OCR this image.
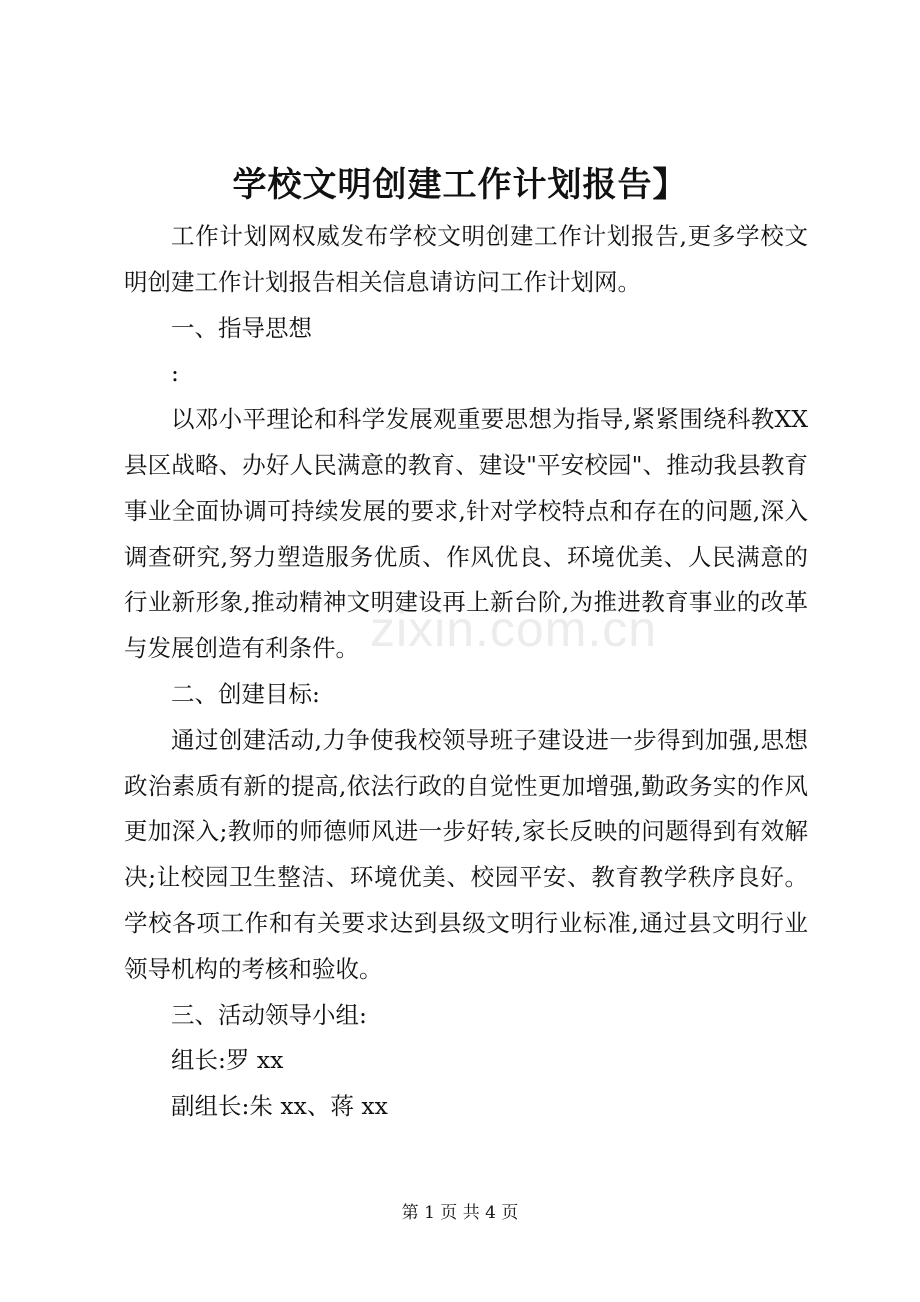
学校文明创建工作计划报告】

工作计划网权威发布学校文明创建工作计划报告,更多学校文明创建工作计划报告相关信息请访问工作计划网。

一、指导思想

:

以邓小平理论和科学发展观重要思想为指导,紧紧围绕科教XX县区战略、办好人民满意的教育、建设"平安校园"、推动我县教育事业全面协调可持续发展的要求,针对学校特点和存在的问题,深入调查研究,努力塑造服务优质、作风优良、环境优美、人民满意的行业新形象,推动精神文明建设再上新台阶,为推进教育事业的改革与发展创造有利条件。

二、创建目标:

通过创建活动,力争使我校领导班子建设进一步得到加强,思想政治素质有新的提高,依法行政的自觉性更加增强,勤政务实的作风更加深入;教师的师德师风进一步好转,家长反映的问题得到有效解决;让校园卫生整洁、环境优美、校园平安、教育教学秩序良好。学校各项工作和有关要求达到县级文明行业标准,通过县文明行业领导机构的考核和验收。

三、活动领导小组:

组长:罗 xx

副组长:朱 xx、蒋 xx

zixin.com.cn
第 1 页 共 4 页
